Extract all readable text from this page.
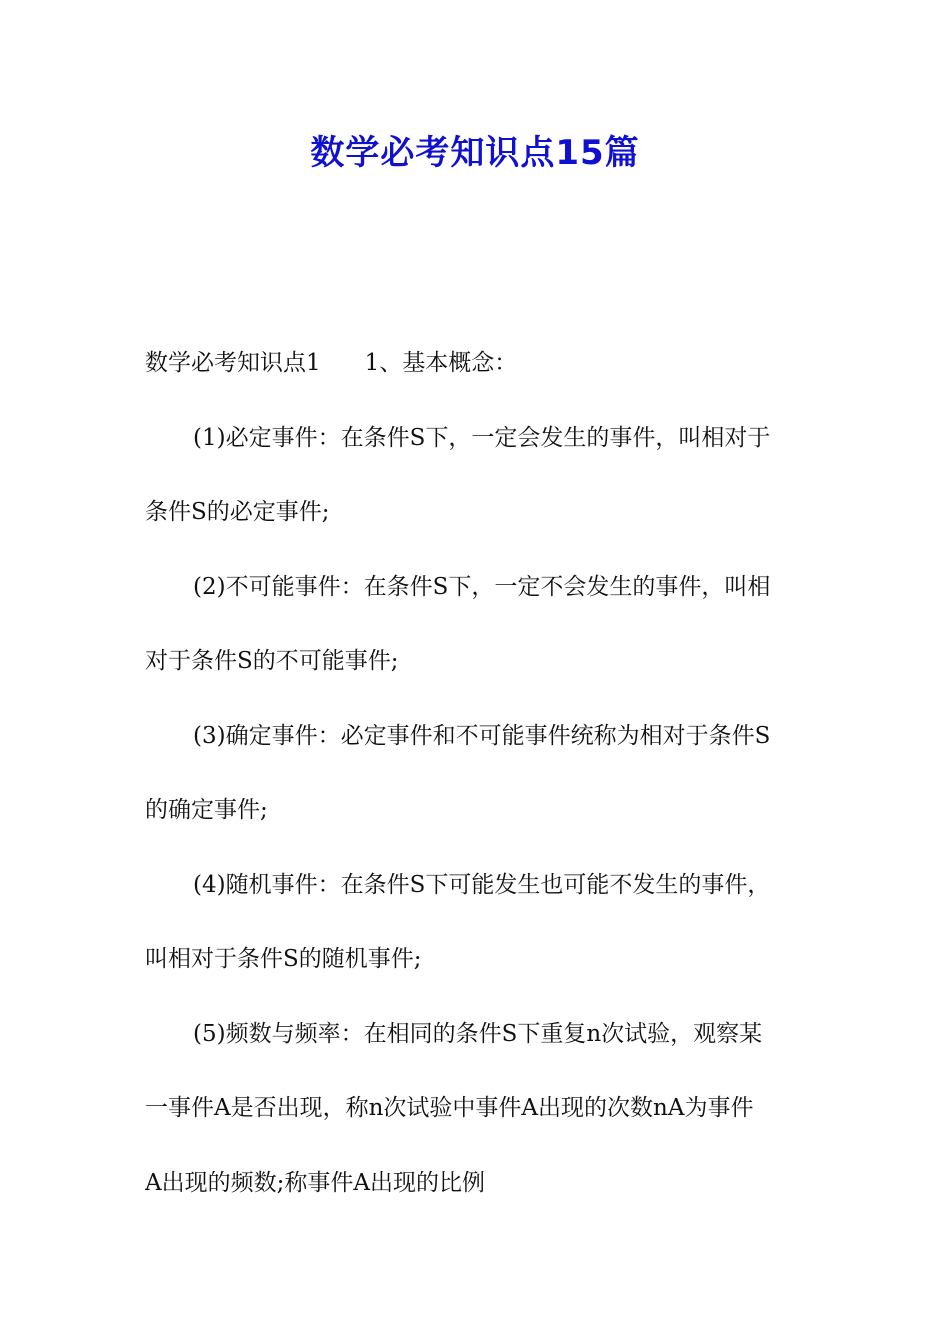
数学必考知识点15篇
数学必考知识点1 1、基本概念：
(1)必定事件：在条件S下，一定会发生的事件，叫相对于
条件S的必定事件;
(2)不可能事件：在条件S下，一定不会发生的事件，叫相
对于条件S的不可能事件;
(3)确定事件：必定事件和不可能事件统称为相对于条件S
的确定事件;
(4)随机事件：在条件S下可能发生也可能不发生的事件，
叫相对于条件S的随机事件;
(5)频数与频率：在相同的条件S下重复n次试验，观察某
一事件A是否出现，称n次试验中事件A出现的次数nA为事件
A出现的频数;称事件A出现的比例
